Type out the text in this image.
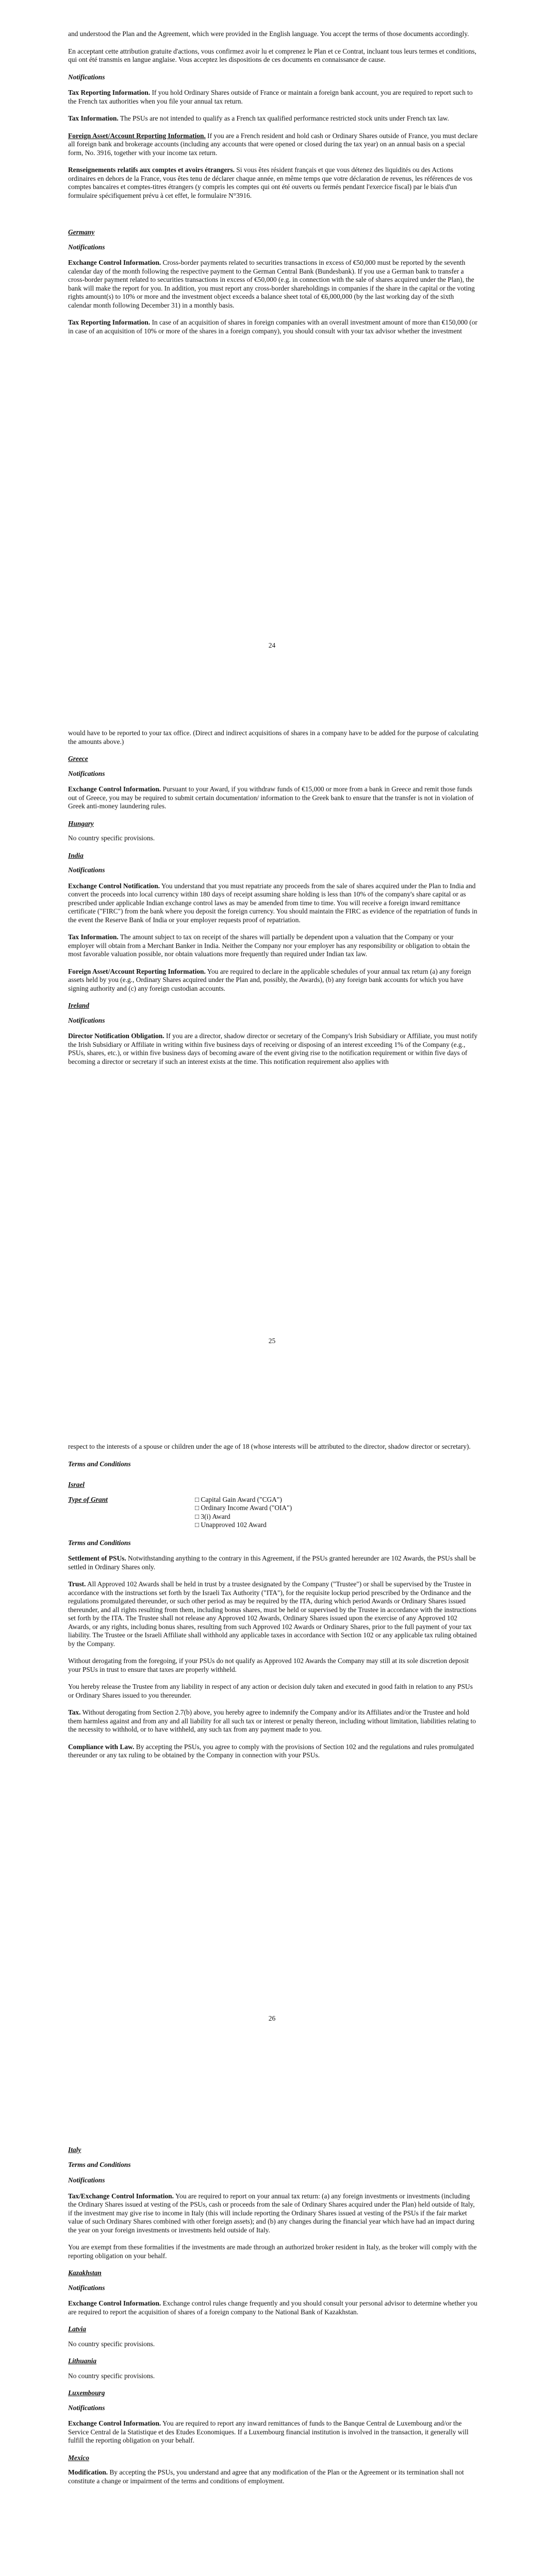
and understood the Plan and the Agreement, which were provided in the English language. You accept the terms of those documents accordingly.

En acceptant cette attribution gratuite d'actions, vous confirmez avoir lu et comprenez le Plan et ce Contrat, incluant tous leurs termes et conditions, qui ont été transmis en langue anglaise. Vous acceptez les dispositions de ces documents en connaissance de cause.

Notifications

Tax Reporting Information. If you hold Ordinary Shares outside of France or maintain a foreign bank account, you are required to report such to the French tax authorities when you file your annual tax return.

Tax Information. The PSUs are not intended to qualify as a French tax qualified performance restricted stock units under French tax law.

Foreign Asset/Account Reporting Information. If you are a French resident and hold cash or Ordinary Shares outside of France, you must declare all foreign bank and brokerage accounts (including any accounts that were opened or closed during the tax year) on an annual basis on a special form, No. 3916, together with your income tax return.

Renseignements relatifs aux comptes et avoirs étrangers. Si vous êtes résident français et que vous détenez des liquidités ou des Actions ordinaires en dehors de la France, vous êtes tenu de déclarer chaque année, en même temps que votre déclaration de revenus, les références de vos comptes bancaires et comptes-titres étrangers (y compris les comptes qui ont été ouverts ou fermés pendant l'exercice fiscal) par le biais d'un formulaire spécifiquement prévu à cet effet, le formulaire N°3916.

Germany
Notifications

Exchange Control Information. Cross-border payments related to securities transactions in excess of €50,000 must be reported by the seventh calendar day of the month following the respective payment to the German Central Bank (Bundesbank). If you use a German bank to transfer a cross-border payment related to securities transactions in excess of €50,000 (e.g. in connection with the sale of shares acquired under the Plan), the bank will make the report for you. In addition, you must report any cross-border shareholdings in companies if the share in the capital or the voting rights amount(s) to 10% or more and the investment object exceeds a balance sheet total of €6,000,000 (by the last working day of the sixth calendar month following December 31) in a monthly basis.

Tax Reporting Information. In case of an acquisition of shares in foreign companies with an overall investment amount of more than €150,000 (or in case of an acquisition of 10% or more of the shares in a foreign company), you should consult with your tax advisor whether the investment

24

would have to be reported to your tax office. (Direct and indirect acquisitions of shares in a company have to be added for the purpose of calculating the amounts above.)

Greece
Notifications

Exchange Control Information. Pursuant to your Award, if you withdraw funds of €15,000 or more from a bank in Greece and remit those funds out of Greece, you may be required to submit certain documentation/ information to the Greek bank to ensure that the transfer is not in violation of Greek anti-money laundering rules.

Hungary

No country specific provisions.

India
Notifications

Exchange Control Notification. You understand that you must repatriate any proceeds from the sale of shares acquired under the Plan to India and convert the proceeds into local currency within 180 days of receipt assuming share holding is less than 10% of the company's share capital or as prescribed under applicable Indian exchange control laws as may be amended from time to time. You will receive a foreign inward remittance certificate ("FIRC") from the bank where you deposit the foreign currency. You should maintain the FIRC as evidence of the repatriation of funds in the event the Reserve Bank of India or your employer requests proof of repatriation.

Tax Information. The amount subject to tax on receipt of the shares will partially be dependent upon a valuation that the Company or your employer will obtain from a Merchant Banker in India. Neither the Company nor your employer has any responsibility or obligation to obtain the most favorable valuation possible, nor obtain valuations more frequently than required under Indian tax law.

Foreign Asset/Account Reporting Information. You are required to declare in the applicable schedules of your annual tax return (a) any foreign assets held by you (e.g., Ordinary Shares acquired under the Plan and, possibly, the Awards), (b) any foreign bank accounts for which you have signing authority and (c) any foreign custodian accounts.

Ireland
Notifications

Director Notification Obligation. If you are a director, shadow director or secretary of the Company's Irish Subsidiary or Affiliate, you must notify the Irish Subsidiary or Affiliate in writing within five business days of receiving or disposing of an interest exceeding 1% of the Company (e.g., PSUs, shares, etc.), or within five business days of becoming aware of the event giving rise to the notification requirement or within five days of becoming a director or secretary if such an interest exists at the time. This notification requirement also applies with

25

respect to the interests of a spouse or children under the age of 18 (whose interests will be attributed to the director, shadow director or secretary).

Terms and Conditions
Israel
Type of Grant	□ Capital Gain Award ("CGA")
□ Ordinary Income Award ("OIA")
□ 3(i) Award
□ Unapproved 102 Award
Terms and Conditions

Settlement of PSUs. Notwithstanding anything to the contrary in this Agreement, if the PSUs granted hereunder are 102 Awards, the PSUs shall be settled in Ordinary Shares only.

Trust. All Approved 102 Awards shall be held in trust by a trustee designated by the Company ("Trustee") or shall be supervised by the Trustee in accordance with the instructions set forth by the Israeli Tax Authority ("ITA"), for the requisite lockup period prescribed by the Ordinance and the regulations promulgated thereunder, or such other period as may be required by the ITA, during which period Awards or Ordinary Shares issued thereunder, and all rights resulting from them, including bonus shares, must be held or supervised by the Trustee in accordance with the instructions set forth by the ITA. The Trustee shall not release any Approved 102 Awards, Ordinary Shares issued upon the exercise of any Approved 102 Awards, or any rights, including bonus shares, resulting from such Approved 102 Awards or Ordinary Shares, prior to the full payment of your tax liability. The Trustee or the Israeli Affiliate shall withhold any applicable taxes in accordance with Section 102 or any applicable tax ruling obtained by the Company.

Without derogating from the foregoing, if your PSUs do not qualify as Approved 102 Awards the Company may still at its sole discretion deposit your PSUs in trust to ensure that taxes are properly withheld.

You hereby release the Trustee from any liability in respect of any action or decision duly taken and executed in good faith in relation to any PSUs or Ordinary Shares issued to you thereunder.

Tax. Without derogating from Section 2.7(b) above, you hereby agree to indemnify the Company and/or its Affiliates and/or the Trustee and hold them harmless against and from any and all liability for all such tax or interest or penalty thereon, including without limitation, liabilities relating to the necessity to withhold, or to have withheld, any such tax from any payment made to you.

Compliance with Law. By accepting the PSUs, you agree to comply with the provisions of Section 102 and the regulations and rules promulgated thereunder or any tax ruling to be obtained by the Company in connection with your PSUs.

26
Italy
Terms and Conditions
Notifications

Tax/Exchange Control Information. You are required to report on your annual tax return: (a) any foreign investments or investments (including the Ordinary Shares issued at vesting of the PSUs, cash or proceeds from the sale of Ordinary Shares acquired under the Plan) held outside of Italy, if the investment may give rise to income in Italy (this will include reporting the Ordinary Shares issued at vesting of the PSUs if the fair market value of such Ordinary Shares combined with other foreign assets); and (b) any changes during the financial year which have had an impact during the year on your foreign investments or investments held outside of Italy.

You are exempt from these formalities if the investments are made through an authorized broker resident in Italy, as the broker will comply with the reporting obligation on your behalf.

Kazakhstan
Notifications

Exchange Control Information. Exchange control rules change frequently and you should consult your personal advisor to determine whether you are required to report the acquisition of shares of a foreign company to the National Bank of Kazakhstan.

Latvia

No country specific provisions.

Lithuania

No country specific provisions.

Luxembourg
Notifications

Exchange Control Information. You are required to report any inward remittances of funds to the Banque Central de Luxembourg and/or the Service Central de la Statistique et des Etudes Economiques. If a Luxembourg financial institution is involved in the transaction, it generally will fulfill the reporting obligation on your behalf.

Mexico

Modification. By accepting the PSUs, you understand and agree that any modification of the Plan or the Agreement or its termination shall not constitute a change or impairment of the terms and conditions of employment.
